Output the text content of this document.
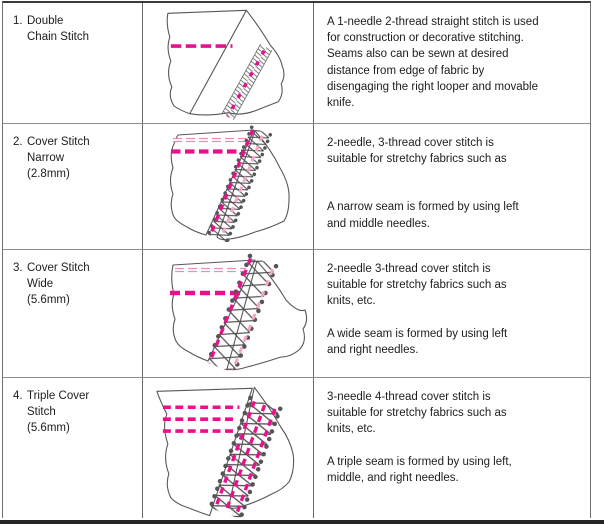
1. Double
Chain Stitch
A 1-needle 2-thread straight stitch is used
for construction or decorative stitching.
Seams also can be sewn at desired
distance from edge of fabric by
disengaging the right looper and movable
knife.
2. Cover Stitch
Narrow
(2.8mm)
2-needle, 3-thread cover stitch is
suitable for stretchy fabrics such as
A narrow seam is formed by using left
and middle needles.
3. Cover Stitch
Wide
(5.6mm)
2-needle 3-thread cover stitch is
suitable for stretchy fabrics such as
knits, etc.
A wide seam is formed by using left
and right needles.
4. Triple Cover
Stitch
(5.6mm)
3-needle 4-thread cover stitch is
suitable for stretchy fabrics such as
knits, etc.
A triple seam is formed by using left,
middle, and right needles.
